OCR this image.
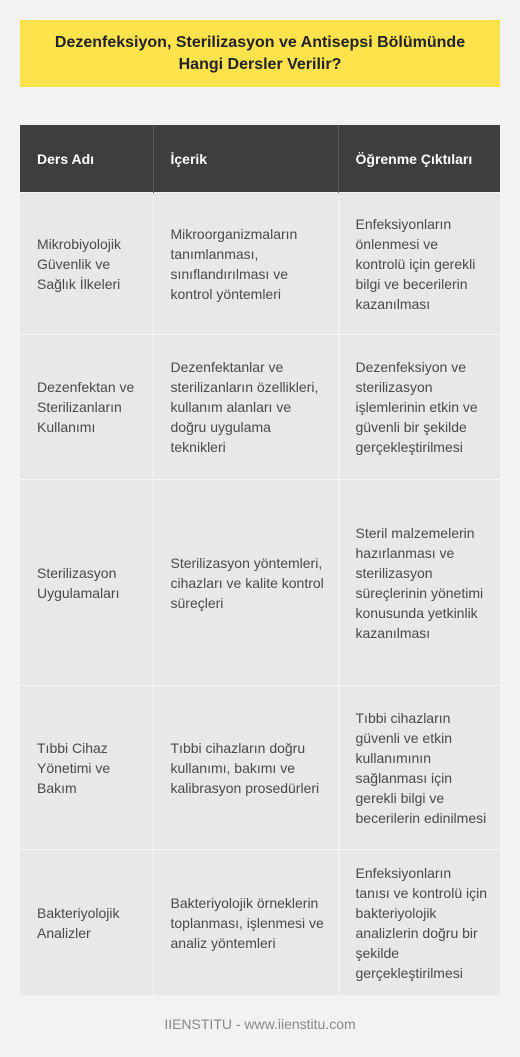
Dezenfeksiyon, Sterilizasyon ve Antisepsi Bölümünde Hangi Dersler Verilir?
Ders Adı	İçerik	Öğrenme Çıktıları
Mikrobiyolojik Güvenlik ve Sağlık İlkeleri	Mikroorganizmaların tanımlanması, sınıflandırılması ve kontrol yöntemleri	Enfeksiyonların önlenmesi ve kontrolü için gerekli bilgi ve becerilerin kazanılması
Dezenfektan ve Sterilizanların Kullanımı	Dezenfektanlar ve sterilizanların özellikleri, kullanım alanları ve doğru uygulama teknikleri	Dezenfeksiyon ve sterilizasyon işlemlerinin etkin ve güvenli bir şekilde gerçekleştirilmesi
Sterilizasyon Uygulamaları	Sterilizasyon yöntemleri, cihazları ve kalite kontrol süreçleri	Steril malzemelerin hazırlanması ve sterilizasyon süreçlerinin yönetimi konusunda yetkinlik kazanılması
Tıbbi Cihaz Yönetimi ve Bakım	Tıbbi cihazların doğru kullanımı, bakımı ve kalibrasyon prosedürleri	Tıbbi cihazların güvenli ve etkin kullanımının sağlanması için gerekli bilgi ve becerilerin edinilmesi
Bakteriyolojik Analizler	Bakteriyolojik örneklerin toplanması, işlenmesi ve analiz yöntemleri	Enfeksiyonların tanısı ve kontrolü için bakteriyolojik analizlerin doğru bir şekilde gerçekleştirilmesi
IIENSTITU - www.iienstitu.com
